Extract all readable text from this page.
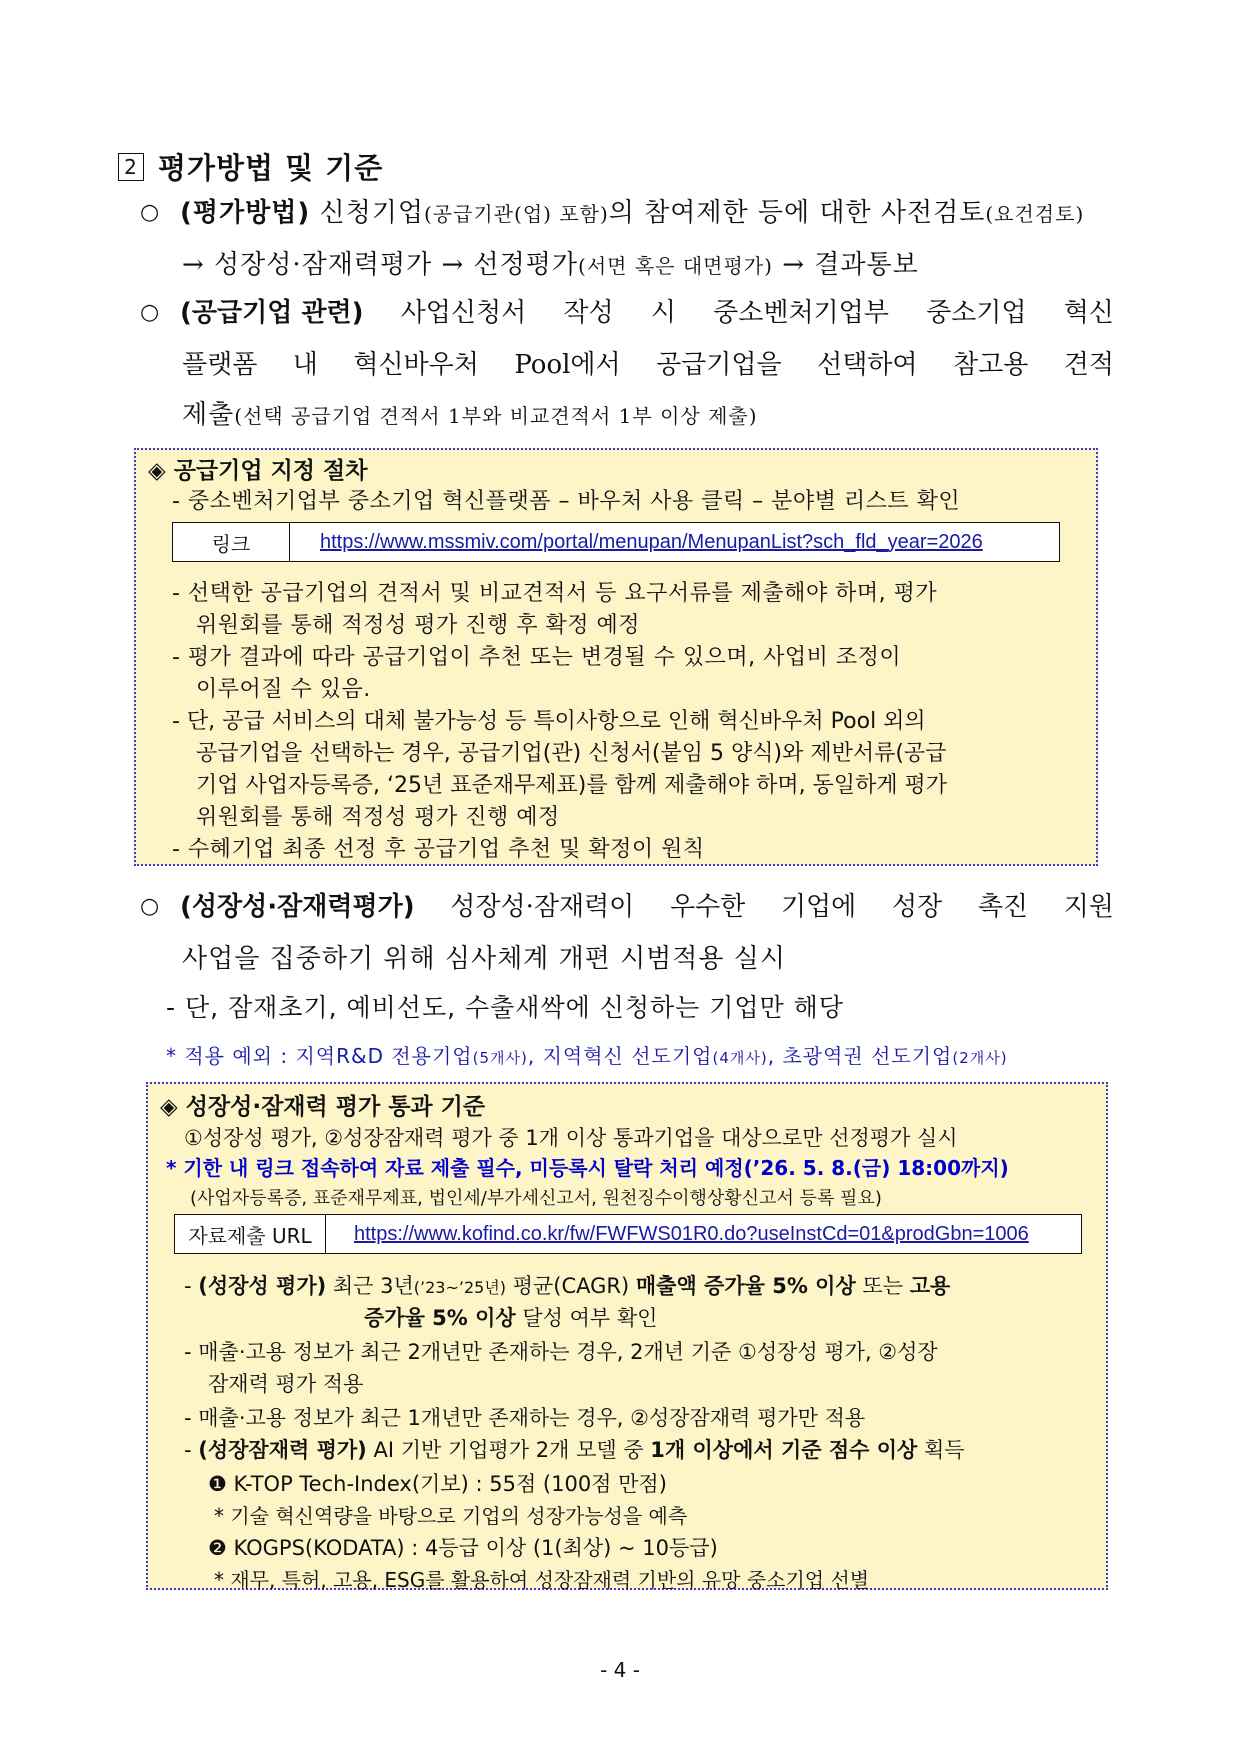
2 평가방법 및 기준
○ (평가방법) 신청기업(공급기관(업) 포함)의 참여제한 등에 대한 사전검토(요건검토)
→ 성장성·잠재력평가 → 선정평가(서면 혹은 대면평가) → 결과통보
○ (공급기업 관련) 사업신청서 작성 시 중소벤처기업부 중소기업 혁신
플랫폼 내 혁신바우처 Pool에서 공급기업을 선택하여 참고용 견적
제출(선택 공급기업 견적서 1부와 비교견적서 1부 이상 제출)
◈ 공급기업 지정 절차
- 중소벤처기업부 중소기업 혁신플랫폼 – 바우처 사용 클릭 – 분야별 리스트 확인
링크	https://www.mssmiv.com/portal/menupan/MenupanList?sch_fld_year=2026
- 선택한 공급기업의 견적서 및 비교견적서 등 요구서류를 제출해야 하며, 평가
위원회를 통해 적정성 평가 진행 후 확정 예정
- 평가 결과에 따라 공급기업이 추천 또는 변경될 수 있으며, 사업비 조정이
이루어질 수 있음.
- 단, 공급 서비스의 대체 불가능성 등 특이사항으로 인해 혁신바우처 Pool 외의
공급기업을 선택하는 경우, 공급기업(관) 신청서(붙임 5 양식)와 제반서류(공급
기업 사업자등록증, ‘25년 표준재무제표)를 함께 제출해야 하며, 동일하게 평가
위원회를 통해 적정성 평가 진행 예정
- 수혜기업 최종 선정 후 공급기업 추천 및 확정이 원칙
○ (성장성·잠재력평가) 성장성·잠재력이 우수한 기업에 성장 촉진 지원
사업을 집중하기 위해 심사체계 개편 시범적용 실시
- 단, 잠재초기, 예비선도, 수출새싹에 신청하는 기업만 해당
* 적용 예외 : 지역R&D 전용기업(5개사), 지역혁신 선도기업(4개사), 초광역권 선도기업(2개사)
◈ 성장성·잠재력 평가 통과 기준
①성장성 평가, ②성장잠재력 평가 중 1개 이상 통과기업을 대상으로만 선정평가 실시
* 기한 내 링크 접속하여 자료 제출 필수, 미등록시 탈락 처리 예정(’26. 5. 8.(금) 18:00까지)
(사업자등록증, 표준재무제표, 법인세/부가세신고서, 원천징수이행상황신고서 등록 필요)
자료제출 URL	https://www.kofind.co.kr/fw/FWFWS01R0.do?useInstCd=01&prodGbn=1006
- (성장성 평가) 최근 3년(’23~’25년) 평균(CAGR) 매출액 증가율 5% 이상 또는 고용
증가율 5% 이상 달성 여부 확인
- 매출·고용 정보가 최근 2개년만 존재하는 경우, 2개년 기준 ①성장성 평가, ②성장
잠재력 평가 적용
- 매출·고용 정보가 최근 1개년만 존재하는 경우, ②성장잠재력 평가만 적용
- (성장잠재력 평가) AI 기반 기업평가 2개 모델 중 1개 이상에서 기준 점수 이상 획득
❶ K-TOP Tech-Index(기보) : 55점 (100점 만점)
* 기술 혁신역량을 바탕으로 기업의 성장가능성을 예측
❷ KOGPS(KODATA) : 4등급 이상 (1(최상) ~ 10등급)
* 재무, 특허, 고용, ESG를 활용하여 성장잠재력 기반의 유망 중소기업 선별
- 4 -
